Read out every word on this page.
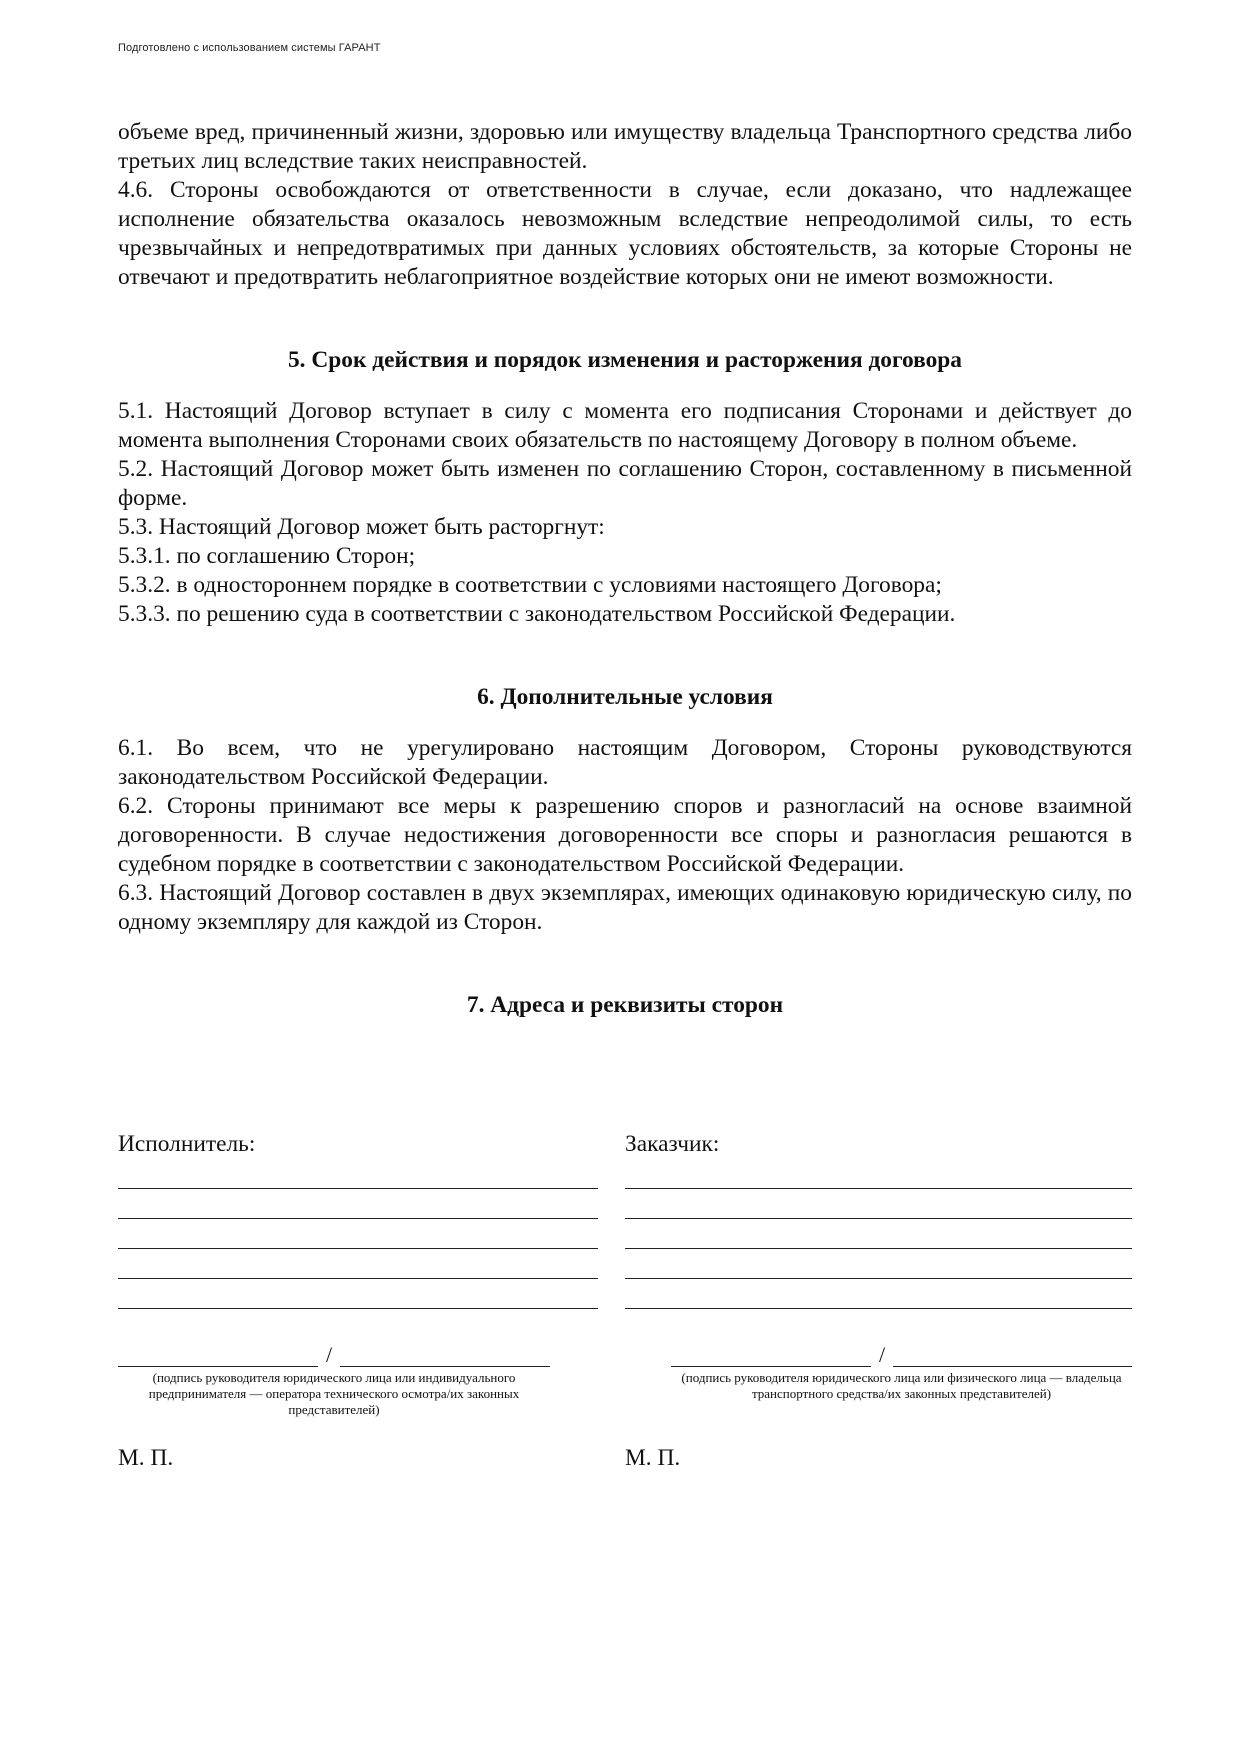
Подготовлено с использованием системы ГАРАНТ

объеме вред, причиненный жизни, здоровью или имуществу владельца Транспортного средства либо третьих лиц вследствие таких неисправностей.

4.6. Стороны освобождаются от ответственности в случае, если доказано, что надлежащее исполнение обязательства оказалось невозможным вследствие непреодолимой силы, то есть чрезвычайных и непредотвратимых при данных условиях обстоятельств, за которые Стороны не отвечают и предотвратить неблагоприятное воздействие которых они не имеют возможности.

5. Срок действия и порядок изменения и расторжения договора

5.1. Настоящий Договор вступает в силу с момента его подписания Сторонами и действует до момента выполнения Сторонами своих обязательств по настоящему Договору в полном объеме.

5.2. Настоящий Договор может быть изменен по соглашению Сторон, составленному в письменной форме.

5.3. Настоящий Договор может быть расторгнут:

5.3.1. по соглашению Сторон;

5.3.2. в одностороннем порядке в соответствии с условиями настоящего Договора;

5.3.3. по решению суда в соответствии с законодательством Российской Федерации.

6. Дополнительные условия

6.1. Во всем, что не урегулировано настоящим Договором, Стороны руководствуются законодательством Российской Федерации.

6.2. Стороны принимают все меры к разрешению споров и разногласий на основе взаимной договоренности. В случае недостижения договоренности все споры и разногласия решаются в судебном порядке в соответствии с законодательством Российской Федерации.

6.3. Настоящий Договор составлен в двух экземплярах, имеющих одинаковую юридическую силу, по одному экземпляру для каждой из Сторон.

7. Адреса и реквизиты сторон

Исполнитель:
/
(подпись руководителя юридического лица или индивидуального предпринимателя — оператора технического осмотра/их законных представителей)
М. П.
Заказчик:
/
(подпись руководителя юридического лица или физического лица — владельца транспортного средства/их законных представителей)
М. П.
